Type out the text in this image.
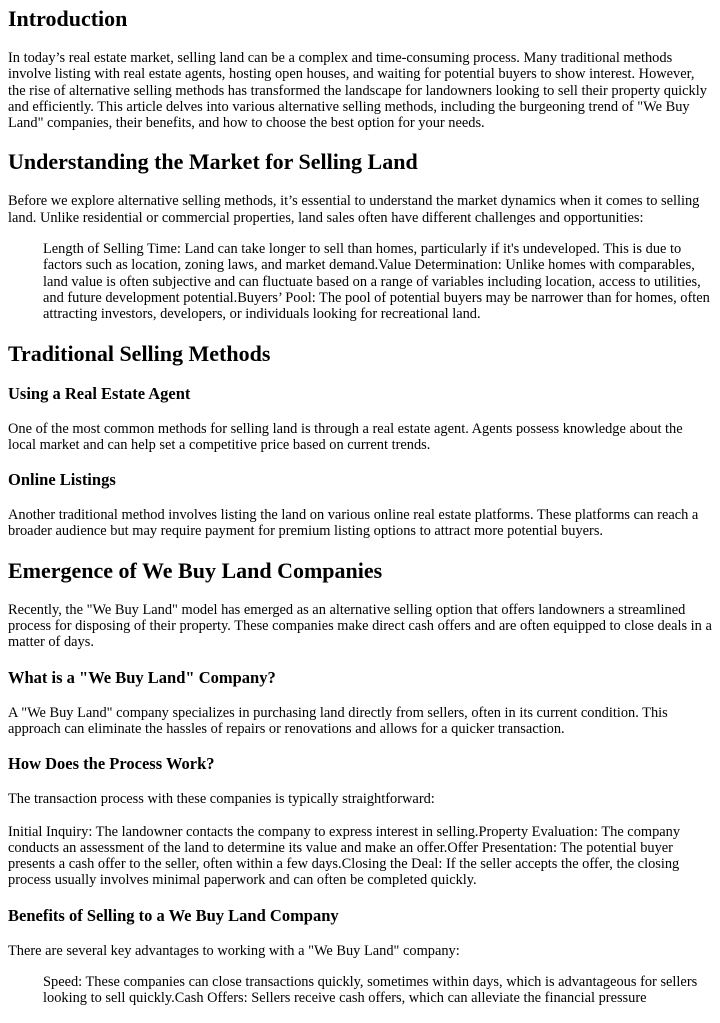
Introduction

In today’s real estate market, selling land can be a complex and time-consuming process. Many traditional methods involve listing with real estate agents, hosting open houses, and waiting for potential buyers to show interest. However, the rise of alternative selling methods has transformed the landscape for landowners looking to sell their property quickly and efficiently. This article delves into various alternative selling methods, including the burgeoning trend of "We Buy Land" companies, their benefits, and how to choose the best option for your needs.

Understanding the Market for Selling Land

Before we explore alternative selling methods, it’s essential to understand the market dynamics when it comes to selling land. Unlike residential or commercial properties, land sales often have different challenges and opportunities:

Length of Selling Time: Land can take longer to sell than homes, particularly if it's undeveloped. This is due to factors such as location, zoning laws, and market demand.Value Determination: Unlike homes with comparables, land value is often subjective and can fluctuate based on a range of variables including location, access to utilities, and future development potential.Buyers’ Pool: The pool of potential buyers may be narrower than for homes, often attracting investors, developers, or individuals looking for recreational land.
Traditional Selling Methods
Using a Real Estate Agent

One of the most common methods for selling land is through a real estate agent. Agents possess knowledge about the local market and can help set a competitive price based on current trends.

Online Listings

Another traditional method involves listing the land on various online real estate platforms. These platforms can reach a broader audience but may require payment for premium listing options to attract more potential buyers.

Emergence of We Buy Land Companies

Recently, the "We Buy Land" model has emerged as an alternative selling option that offers landowners a streamlined process for disposing of their property. These companies make direct cash offers and are often equipped to close deals in a matter of days.

What is a "We Buy Land" Company?

A "We Buy Land" company specializes in purchasing land directly from sellers, often in its current condition. This approach can eliminate the hassles of repairs or renovations and allows for a quicker transaction.

How Does the Process Work?

The transaction process with these companies is typically straightforward:

Initial Inquiry: The landowner contacts the company to express interest in selling.Property Evaluation: The company conducts an assessment of the land to determine its value and make an offer.Offer Presentation: The potential buyer presents a cash offer to the seller, often within a few days.Closing the Deal: If the seller accepts the offer, the closing process usually involves minimal paperwork and can often be completed quickly.

Benefits of Selling to a We Buy Land Company

There are several key advantages to working with a "We Buy Land" company:

Speed: These companies can close transactions quickly, sometimes within days, which is advantageous for sellers looking to sell quickly.Cash Offers: Sellers receive cash offers, which can alleviate the financial pressure
